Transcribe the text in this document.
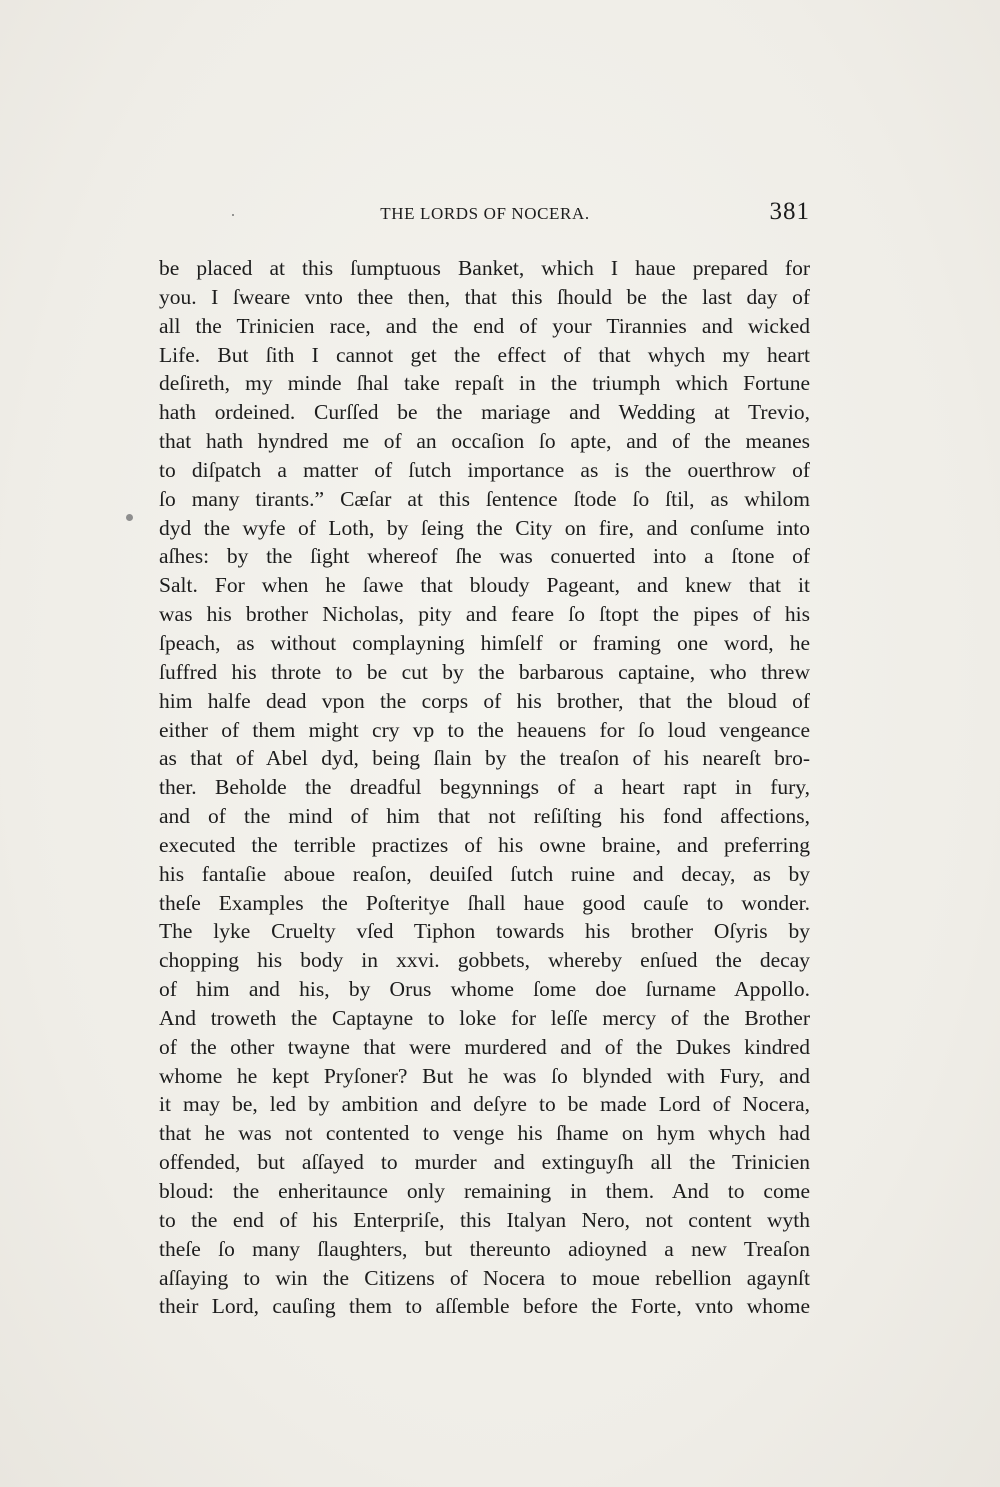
THE LORDS OF NOCERA.	381
be placed at this ſumptuous Banket, which I haue prepared for
you. I ſweare vnto thee then, that this ſhould be the last day of
all the Trinicien race, and the end of your Tirannies and wicked
Life. But ſith I cannot get the effect of that whych my heart
deſireth, my minde ſhal take repaſt in the triumph which Fortune
hath ordeined. Curſſed be the mariage and Wedding at Trevio,
that hath hyndred me of an occaſion ſo apte, and of the meanes
to diſpatch a matter of ſutch importance as is the ouerthrow of
ſo many tirants.” Cæſar at this ſentence ſtode ſo ſtil, as whilom
dyd the wyfe of Loth, by ſeing the City on fire, and conſume into
aſhes: by the ſight whereof ſhe was conuerted into a ſtone of
Salt. For when he ſawe that bloudy Pageant, and knew that it
was his brother Nicholas, pity and feare ſo ſtopt the pipes of his
ſpeach, as without complayning himſelf or framing one word, he
ſuffred his throte to be cut by the barbarous captaine, who threw
him halfe dead vpon the corps of his brother, that the bloud of
either of them might cry vp to the heauens for ſo loud vengeance
as that of Abel dyd, being ſlain by the treaſon of his neareſt bro-
ther. Beholde the dreadful begynnings of a heart rapt in fury,
and of the mind of him that not reſiſting his fond affections,
executed the terrible practizes of his owne braine, and preferring
his fantaſie aboue reaſon, deuiſed ſutch ruine and decay, as by
theſe Examples the Poſteritye ſhall haue good cauſe to wonder.
The lyke Cruelty vſed Tiphon towards his brother Oſyris by
chopping his body in xxvi. gobbets, whereby enſued the decay
of him and his, by Orus whome ſome doe ſurname Appollo.
And troweth the Captayne to loke for leſſe mercy of the Brother
of the other twayne that were murdered and of the Dukes kindred
whome he kept Pryſoner? But he was ſo blynded with Fury, and
it may be, led by ambition and deſyre to be made Lord of Nocera,
that he was not contented to venge his ſhame on hym whych had
offended, but aſſayed to murder and extinguyſh all the Trinicien
bloud: the enheritaunce only remaining in them. And to come
to the end of his Enterpriſe, this Italyan Nero, not content wyth
theſe ſo many ſlaughters, but thereunto adioyned a new Treaſon
aſſaying to win the Citizens of Nocera to moue rebellion agaynſt
their Lord, cauſing them to aſſemble before the Forte, vnto whome
